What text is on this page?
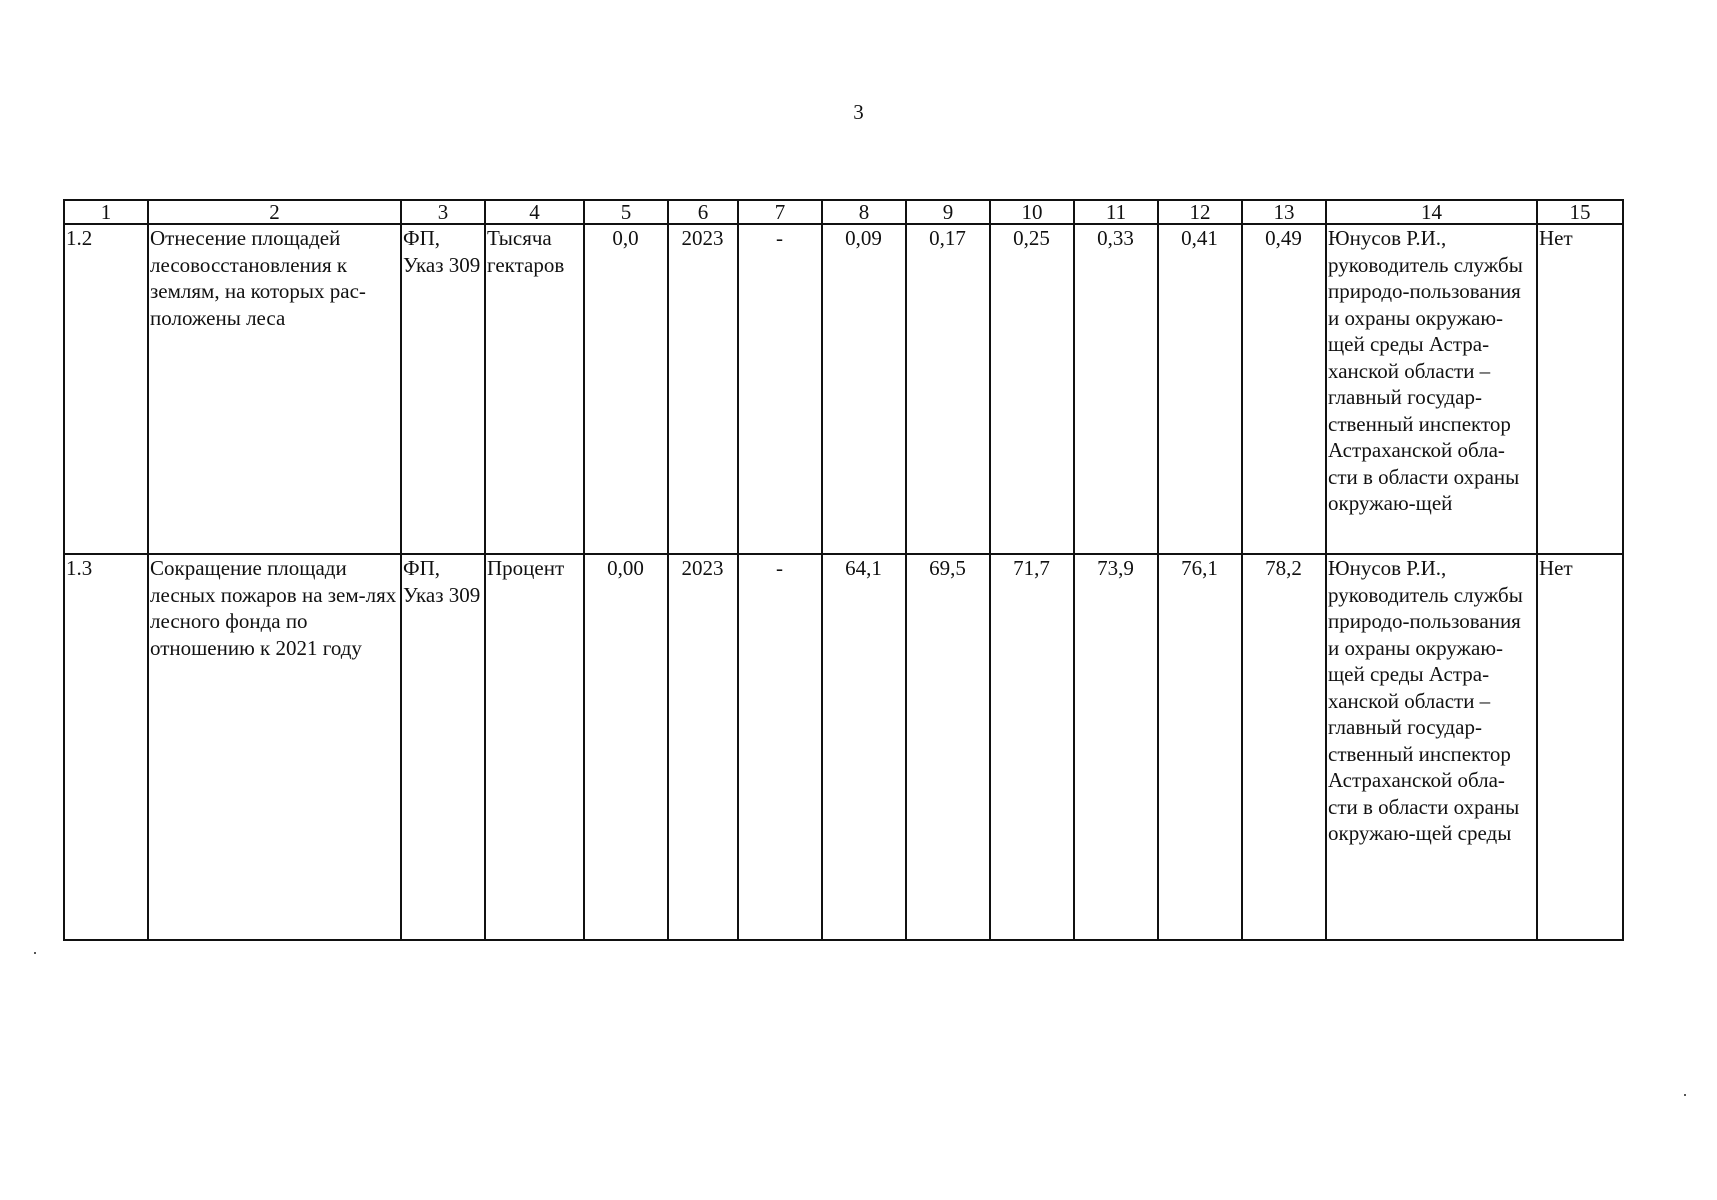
3
1	2	3	4	5	6	7	8	9	10	11	12	13	14	15
1.2	Отнесение площадей лесовосстановления к землям, на которых рас-положены леса	ФП, Указ 309	Тысяча гектаров	0,0	2023	-	0,09	0,17	0,25	0,33	0,41	0,49	Юнусов Р.И., руководитель службы природо-пользования и охраны окружаю-щей среды Астра-ханской области – главный государ-ственный инспектор Астраханской обла-сти в области охраны окружаю-щей	Нет
1.3	Сокращение площади лесных пожаров на зем-лях лесного фонда по отношению к 2021 году	ФП, Указ 309	Процент	0,00	2023	-	64,1	69,5	71,7	73,9	76,1	78,2	Юнусов Р.И., руководитель службы природо-пользования и охраны окружаю-щей среды Астра-ханской области – главный государ-ственный инспектор Астраханской обла-сти в области охраны окружаю-щей среды	Нет
